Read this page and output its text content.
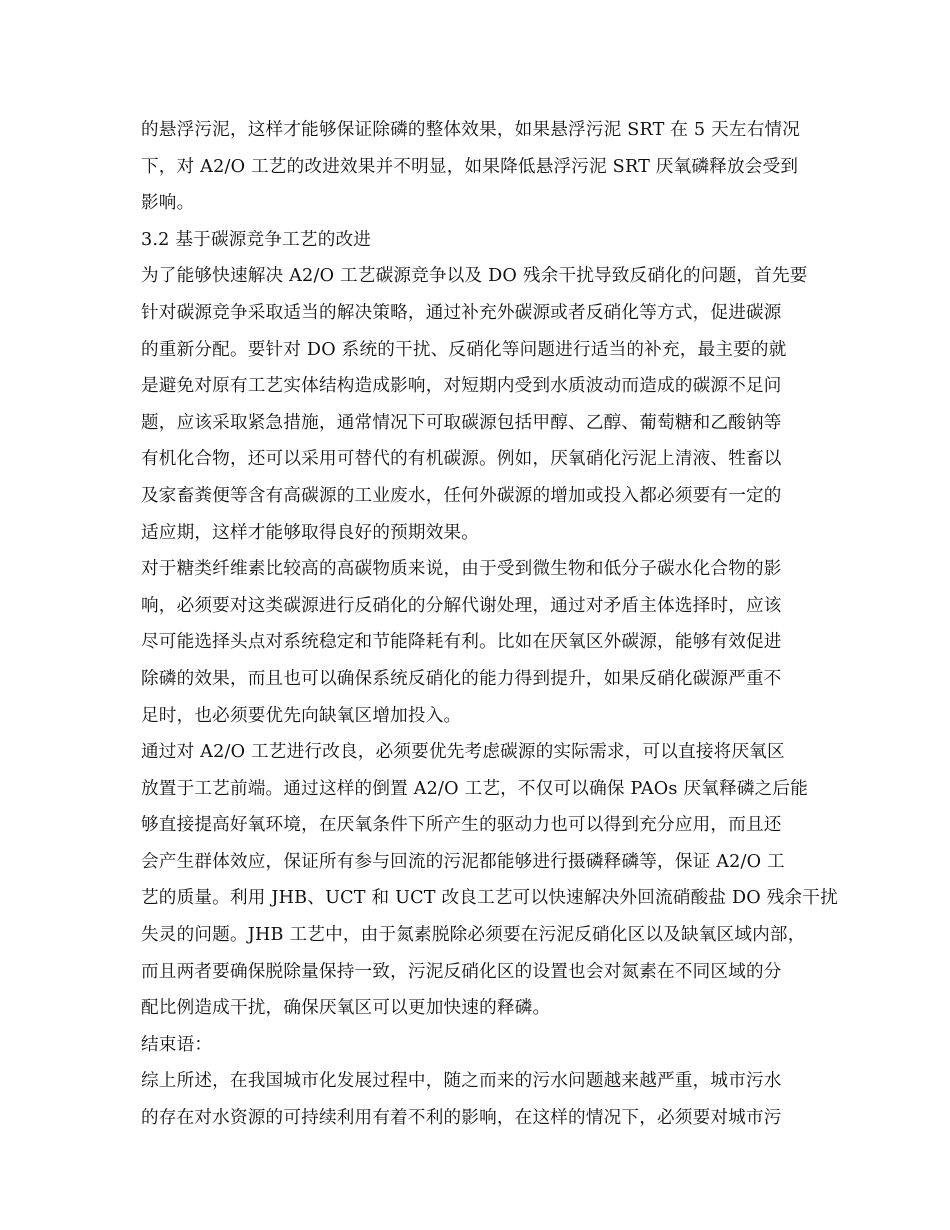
的悬浮污泥，这样才能够保证除磷的整体效果，如果悬浮污泥 SRT 在 5 天左右情况
下，对 A2/O 工艺的改进效果并不明显，如果降低悬浮污泥 SRT 厌氧磷释放会受到
影响。
3.2 基于碳源竞争工艺的改进
为了能够快速解决 A2/O 工艺碳源竞争以及 DO 残余干扰导致反硝化的问题，首先要
针对碳源竞争采取适当的解决策略，通过补充外碳源或者反硝化等方式，促进碳源
的重新分配。要针对 DO 系统的干扰、反硝化等问题进行适当的补充，最主要的就
是避免对原有工艺实体结构造成影响，对短期内受到水质波动而造成的碳源不足问
题，应该采取紧急措施，通常情况下可取碳源包括甲醇、乙醇、葡萄糖和乙酸钠等
有机化合物，还可以采用可替代的有机碳源。例如，厌氧硝化污泥上清液、牲畜以
及家畜粪便等含有高碳源的工业废水，任何外碳源的增加或投入都必须要有一定的
适应期，这样才能够取得良好的预期效果。
对于糖类纤维素比较高的高碳物质来说，由于受到微生物和低分子碳水化合物的影
响，必须要对这类碳源进行反硝化的分解代谢处理，通过对矛盾主体选择时，应该
尽可能选择头点对系统稳定和节能降耗有利。比如在厌氧区外碳源，能够有效促进
除磷的效果，而且也可以确保系统反硝化的能力得到提升，如果反硝化碳源严重不
足时，也必须要优先向缺氧区增加投入。
通过对 A2/O 工艺进行改良，必须要优先考虑碳源的实际需求，可以直接将厌氧区
放置于工艺前端。通过这样的倒置 A2/O 工艺，不仅可以确保 PAOs 厌氧释磷之后能
够直接提高好氧环境，在厌氧条件下所产生的驱动力也可以得到充分应用，而且还
会产生群体效应，保证所有参与回流的污泥都能够进行摄磷释磷等，保证 A2/O 工
艺的质量。利用 JHB、UCT 和 UCT 改良工艺可以快速解决外回流硝酸盐 DO 残余干扰
失灵的问题。JHB 工艺中，由于氮素脱除必须要在污泥反硝化区以及缺氧区域内部，
而且两者要确保脱除量保持一致，污泥反硝化区的设置也会对氮素在不同区域的分
配比例造成干扰，确保厌氧区可以更加快速的释磷。
结束语：
综上所述，在我国城市化发展过程中，随之而来的污水问题越来越严重，城市污水
的存在对水资源的可持续利用有着不利的影响，在这样的情况下，必须要对城市污
